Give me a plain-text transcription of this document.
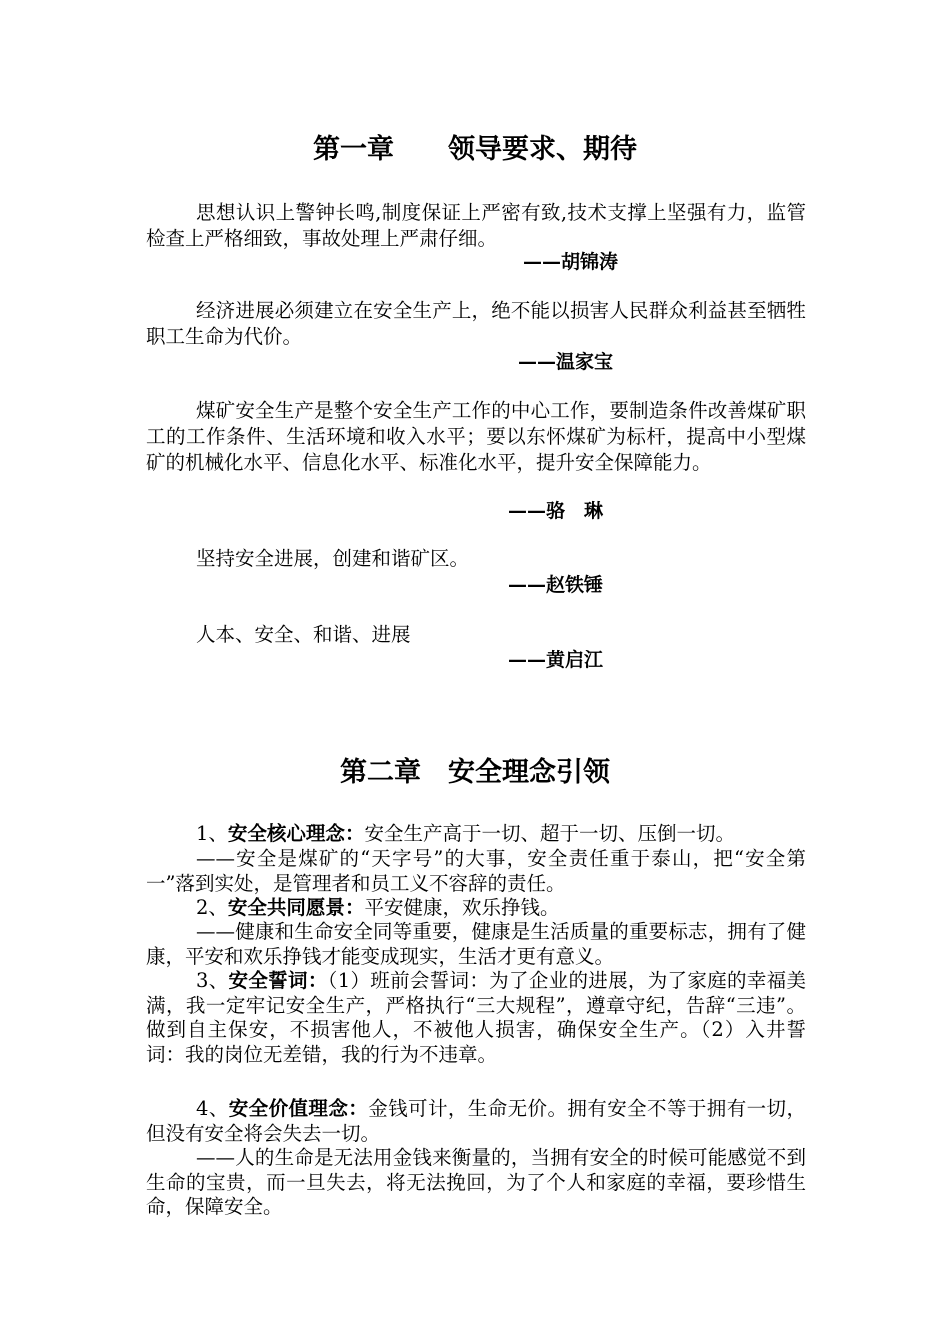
第一章　　领导要求、期待

思想认识上警钟长鸣,制度保证上严密有致,技术支撑上坚强有力，监管检查上严格细致，事故处理上严肃仔细。

——胡锦涛

经济进展必须建立在安全生产上，绝不能以损害人民群众利益甚至牺牲职工生命为代价。

——温家宝

煤矿安全生产是整个安全生产工作的中心工作，要制造条件改善煤矿职工的工作条件、生活环境和收入水平；要以东怀煤矿为标杆，提高中小型煤矿的机械化水平、信息化水平、标准化水平，提升安全保障能力。

——骆　琳

坚持安全进展，创建和谐矿区。

——赵铁锤

人本、安全、和谐、进展

——黄启江
第二章　安全理念引领

1、安全核心理念：安全生产高于一切、超于一切、压倒一切。

——安全是煤矿的“天字号”的大事，安全责任重于泰山，把“安全第一”落到实处，是管理者和员工义不容辞的责任。

2、安全共同愿景：平安健康，欢乐挣钱。

——健康和生命安全同等重要，健康是生活质量的重要标志，拥有了健康，平安和欢乐挣钱才能变成现实，生活才更有意义。

3、安全誓词：（1）班前会誓词：为了企业的进展，为了家庭的幸福美满，我一定牢记安全生产，严格执行“三大规程”，遵章守纪，告辞“三违”。做到自主保安，不损害他人，不被他人损害，确保安全生产。（2）入井誓词：我的岗位无差错，我的行为不违章。

4、安全价值理念：金钱可计，生命无价。拥有安全不等于拥有一切，但没有安全将会失去一切。

——人的生命是无法用金钱来衡量的，当拥有安全的时候可能感觉不到生命的宝贵，而一旦失去，将无法挽回，为了个人和家庭的幸福，要珍惜生命，保障安全。
